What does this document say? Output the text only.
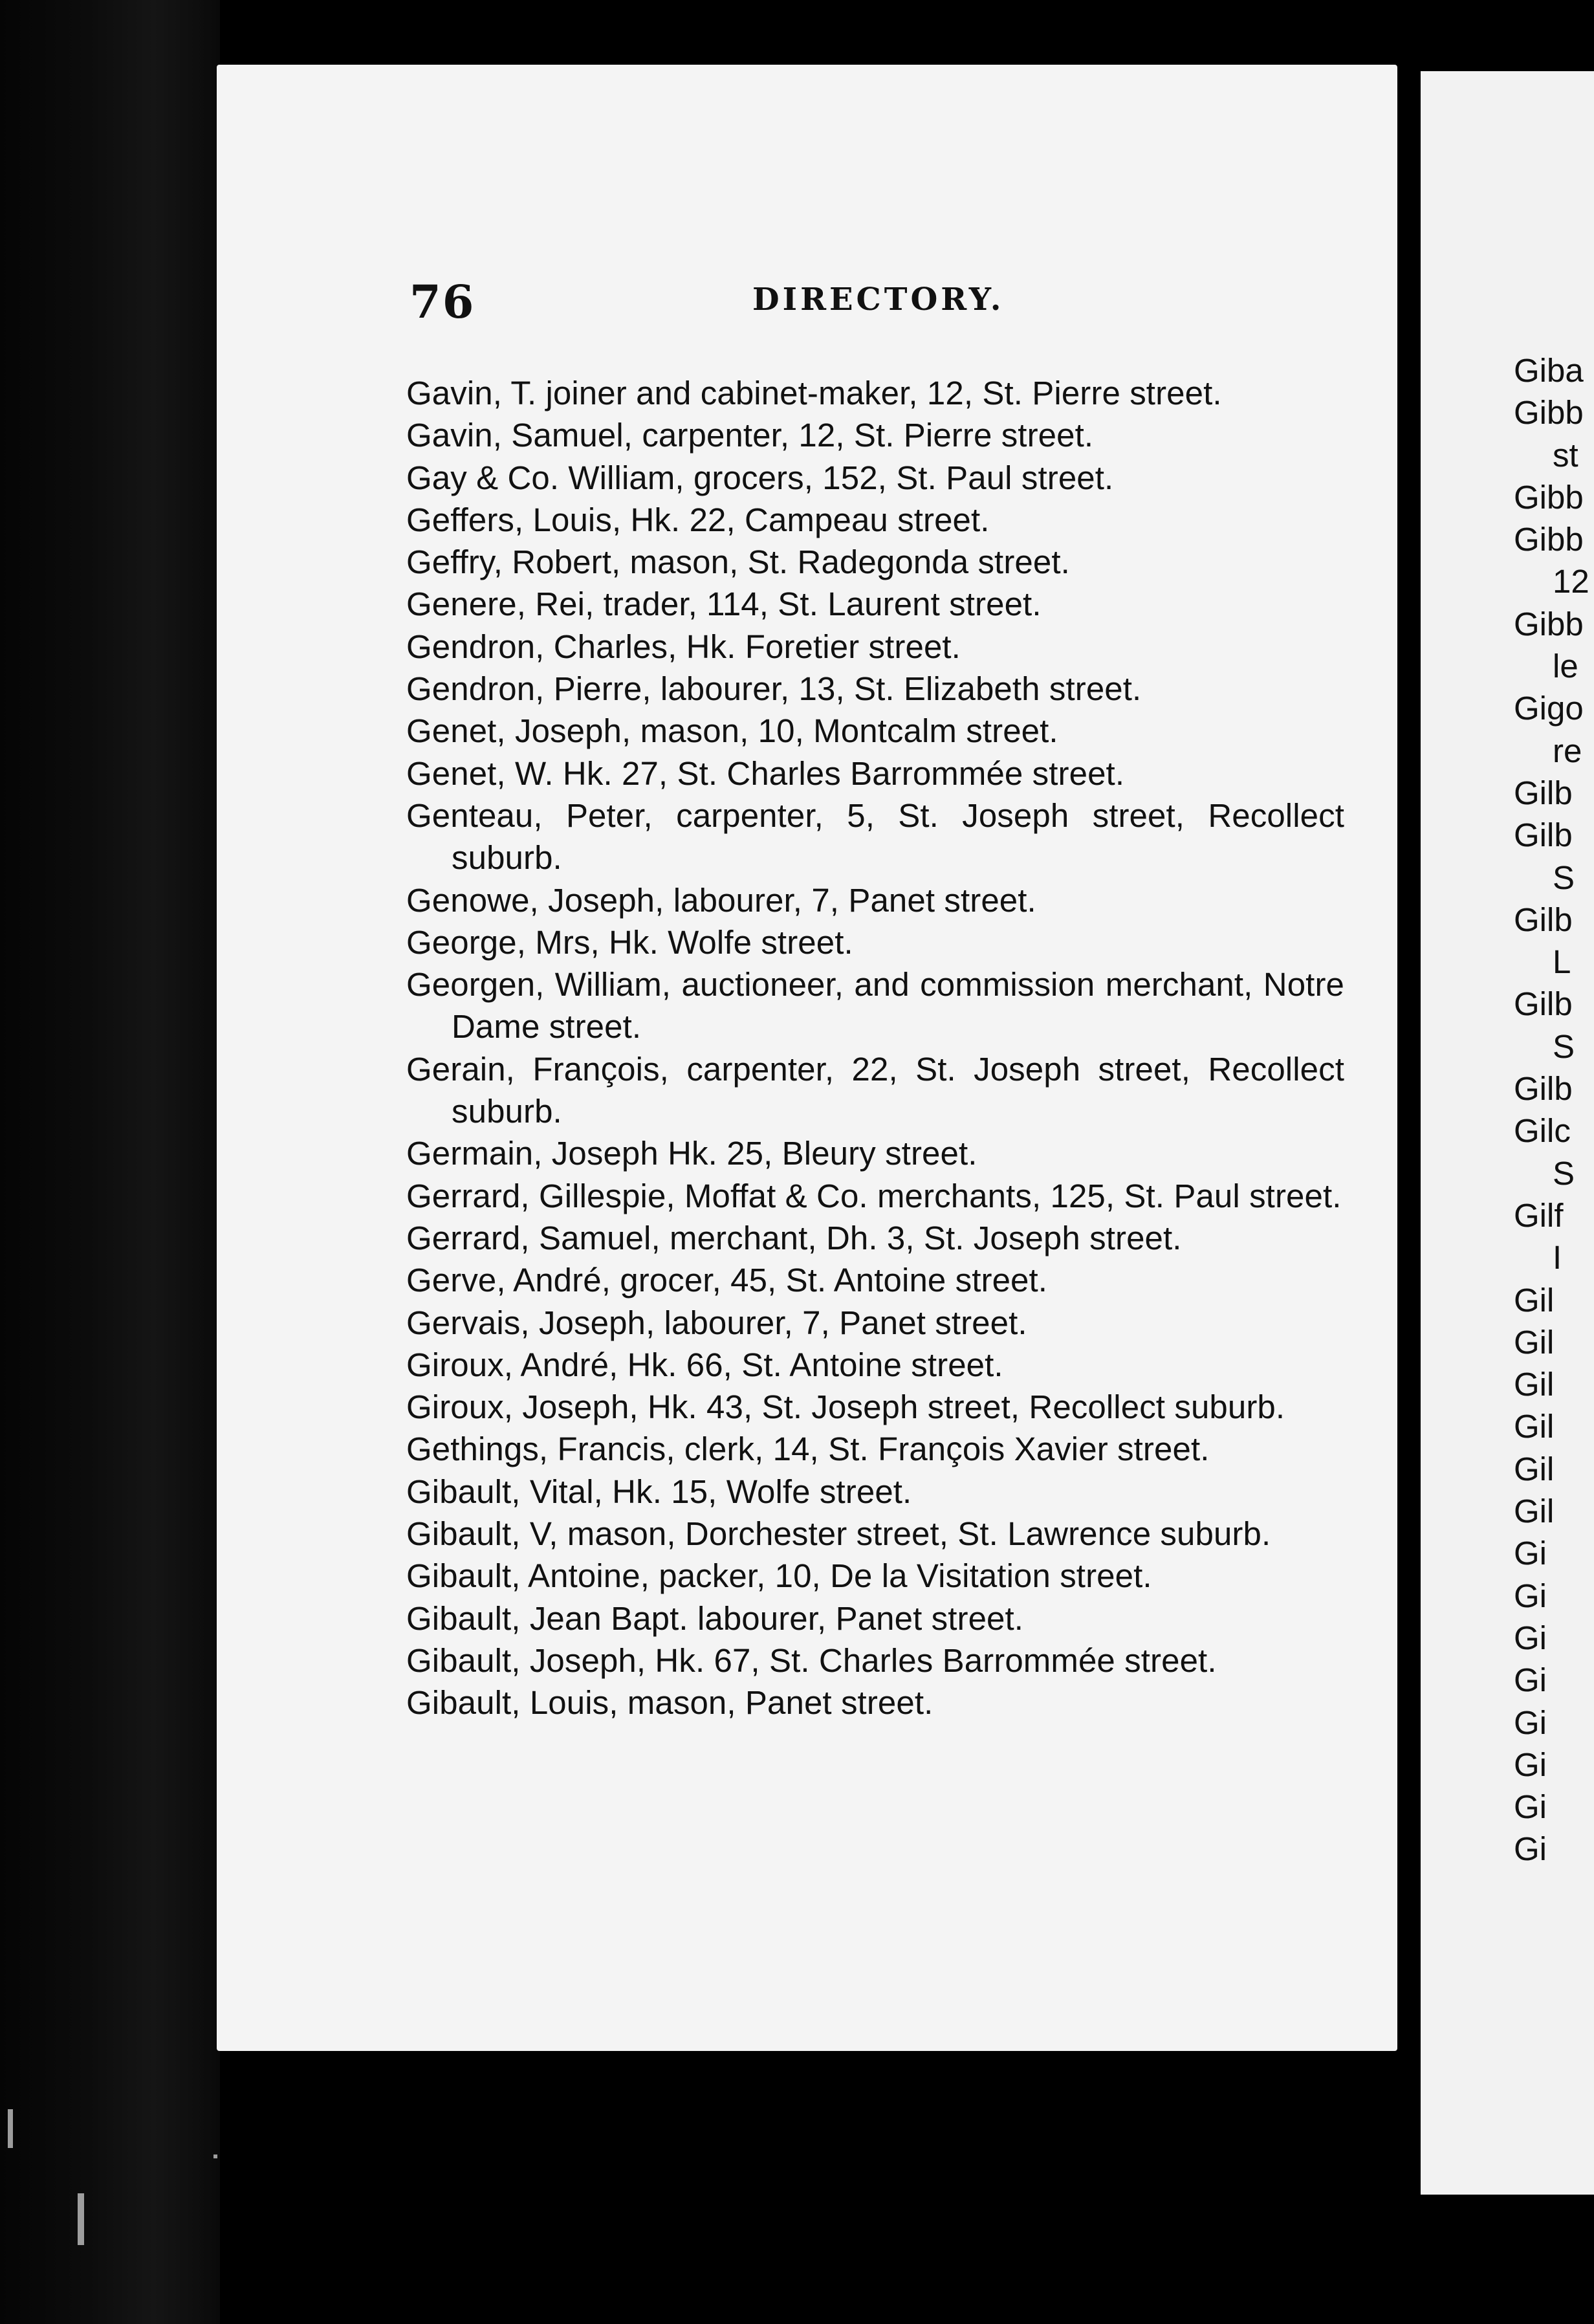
76	DIRECTORY.
Gavin, T. joiner and cabinet-maker, 12, St. Pierre street.
Gavin, Samuel, carpenter, 12, St. Pierre street.
Gay & Co. William, grocers, 152, St. Paul street.
Geffers, Louis, Hk. 22, Campeau street.
Geffry, Robert, mason, St. Radegonda street.
Genere, Rei, trader, 114, St. Laurent street.
Gendron, Charles, Hk. Foretier street.
Gendron, Pierre, labourer, 13, St. Elizabeth street.
Genet, Joseph, mason, 10, Montcalm street.
Genet, W. Hk. 27, St. Charles Barrommée street.
Genteau, Peter, carpenter, 5, St. Joseph street, Recollect suburb.
Genowe, Joseph, labourer, 7, Panet street.
George, Mrs, Hk. Wolfe street.
Georgen, William, auctioneer, and commission merchant, Notre Dame street.
Gerain, François, carpenter, 22, St. Joseph street, Recollect suburb.
Germain, Joseph Hk. 25, Bleury street.
Gerrard, Gillespie, Moffat & Co. merchants, 125, St. Paul street.
Gerrard, Samuel, merchant, Dh. 3, St. Joseph street.
Gerve, André, grocer, 45, St. Antoine street.
Gervais, Joseph, labourer, 7, Panet street.
Giroux, André, Hk. 66, St. Antoine street.
Giroux, Joseph, Hk. 43, St. Joseph street, Recollect suburb.
Gethings, Francis, clerk, 14, St. François Xavier street.
Gibault, Vital, Hk. 15, Wolfe street.
Gibault, V, mason, Dorchester street, St. Lawrence suburb.
Gibault, Antoine, packer, 10, De la Visitation street.
Gibault, Jean Bapt. labourer, Panet street.
Gibault, Joseph, Hk. 67, St. Charles Barrommée street.
Gibault, Louis, mason, Panet street.
Giba
Gibb
st
Gibb
Gibb
12
Gibb
le
Gigo
re
Gilb
Gilb
S
Gilb
L
Gilb
S
Gilb
Gilc
S
Gilf
I
Gil
Gil
Gil
Gil
Gil
Gil
Gi
Gi
Gi
Gi
Gi
Gi
Gi
Gi
